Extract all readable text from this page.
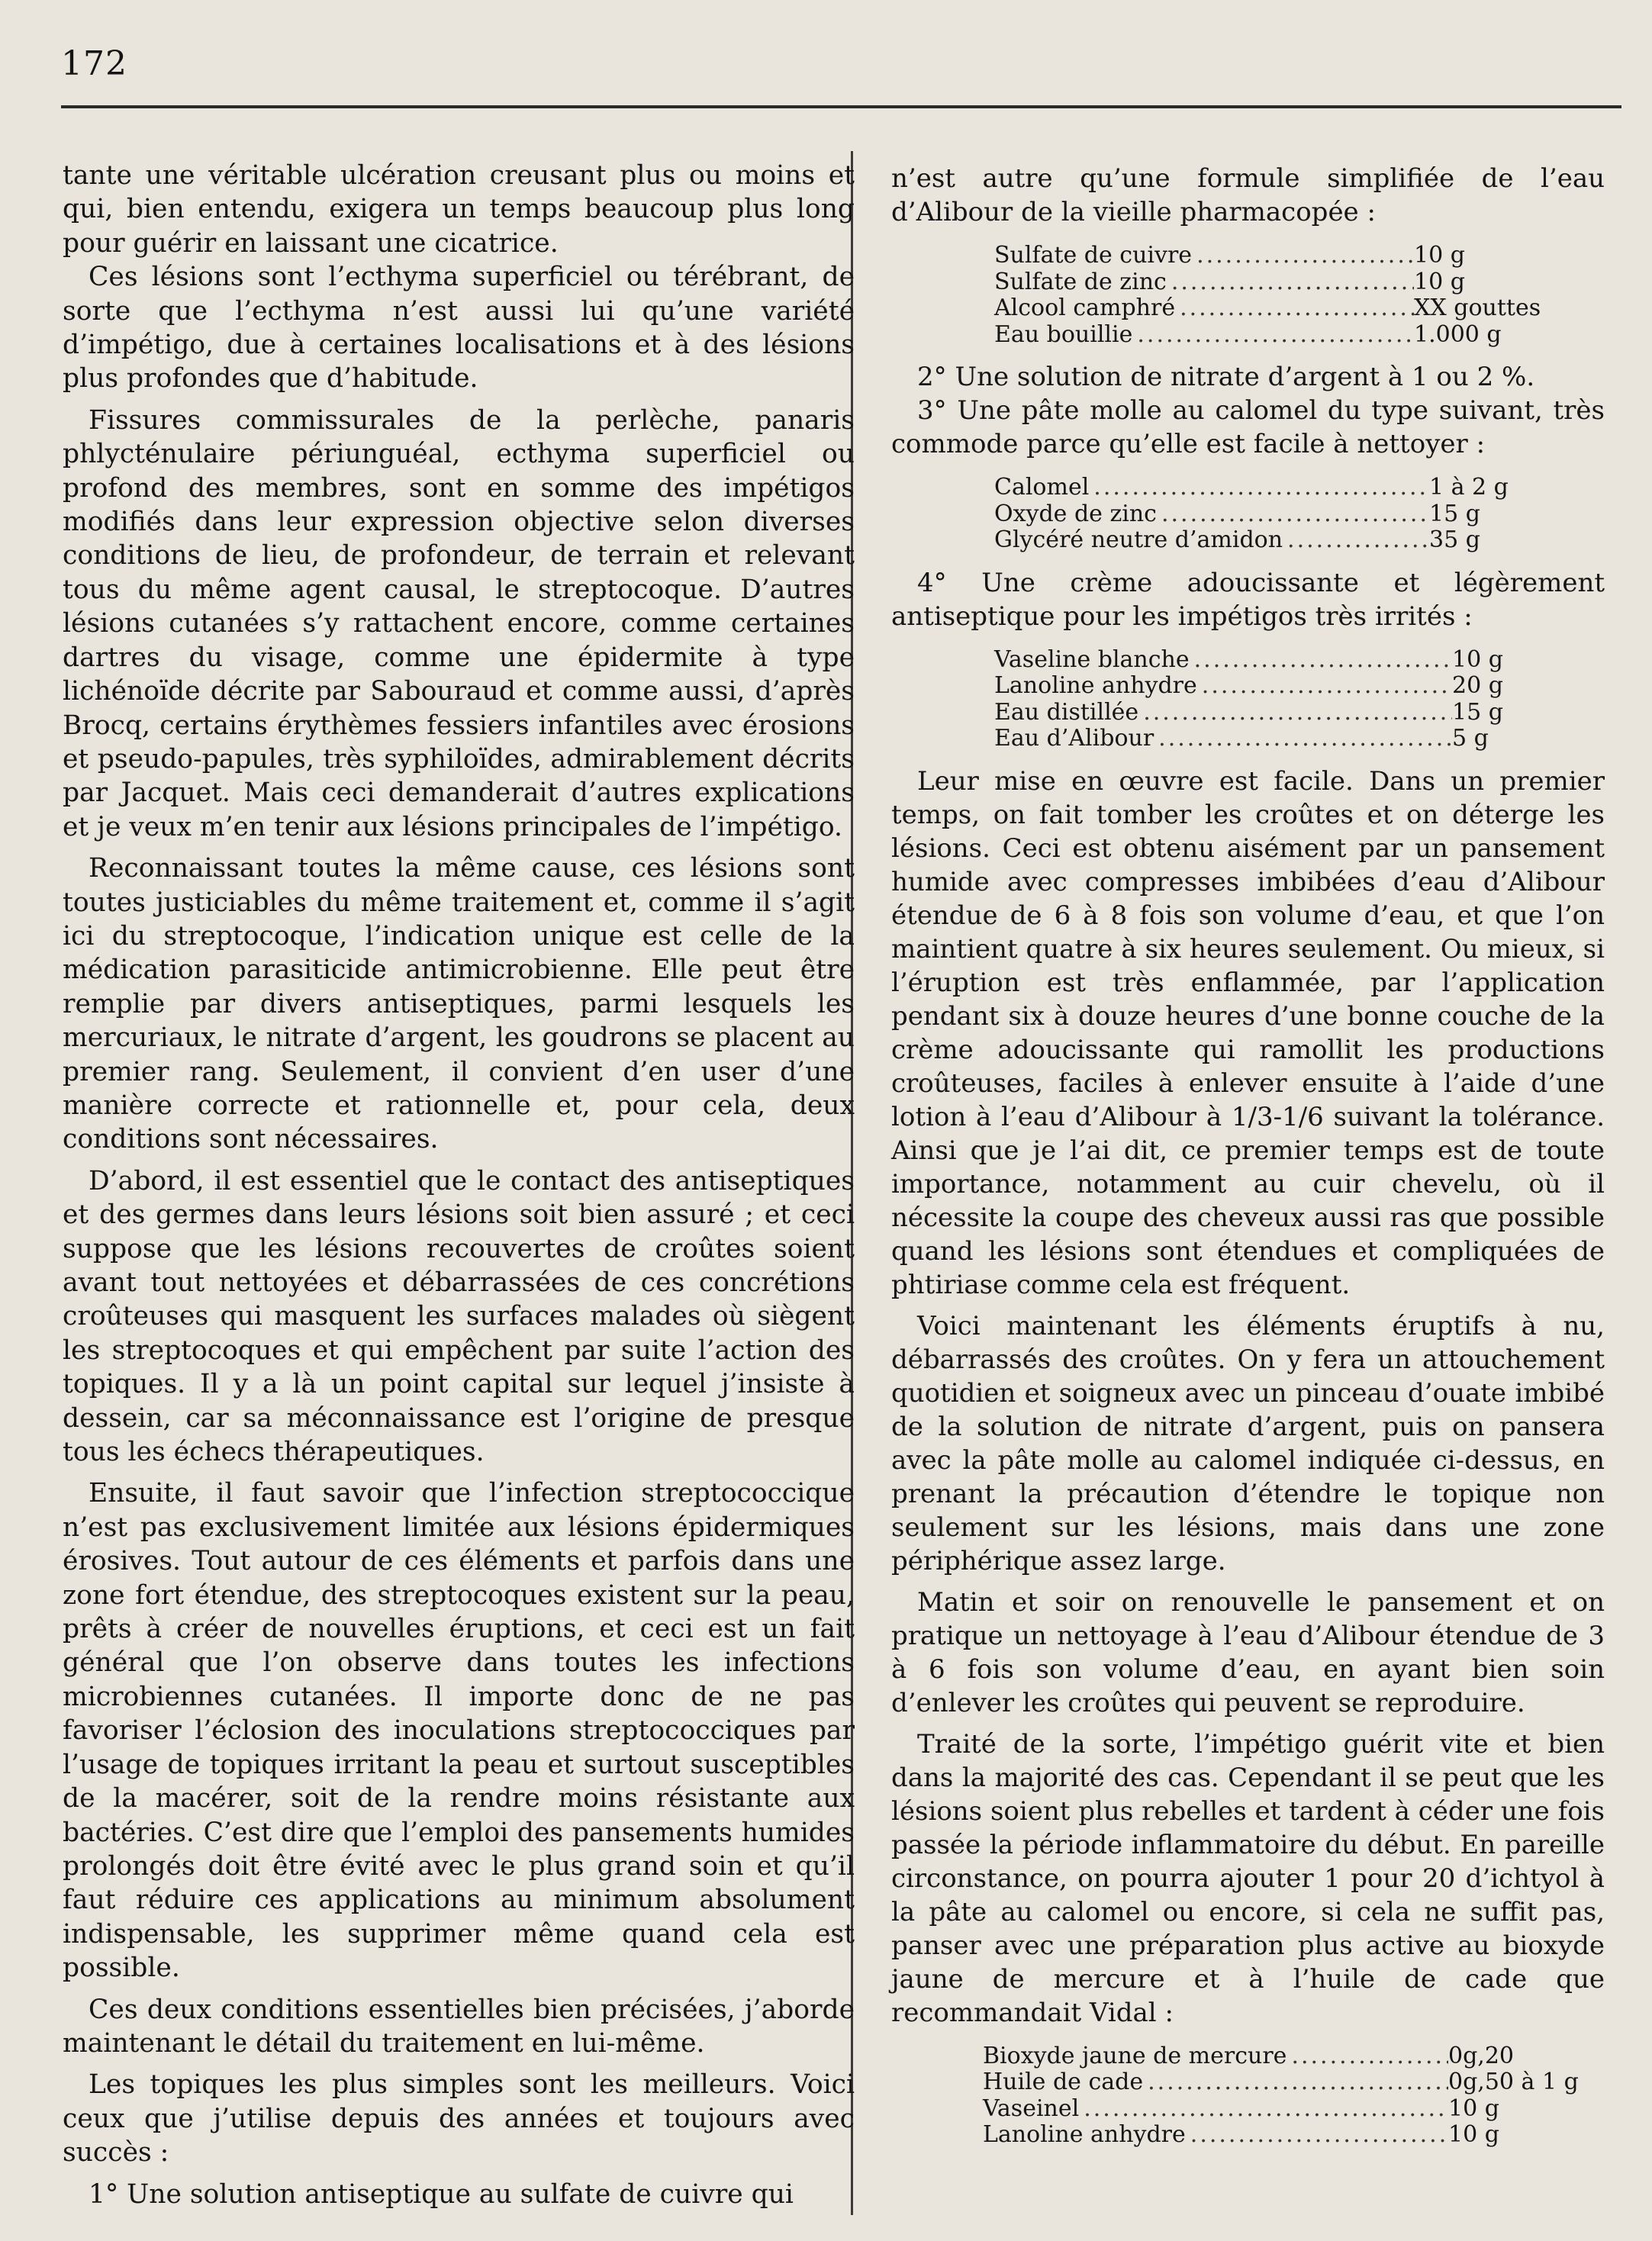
172

tante une véritable ulcération creusant plus ou moins et qui, bien entendu, exigera un temps beaucoup plus long pour guérir en laissant une cicatrice.

Ces lésions sont l’ecthyma superficiel ou térébrant, de sorte que l’ecthyma n’est aussi lui qu’une variété d’impétigo, due à certaines localisations et à des lésions plus profondes que d’habitude.

Fissures commissurales de la perlèche, panaris phlycténulaire périunguéal, ecthyma superficiel ou profond des membres, sont en somme des impétigos modifiés dans leur expression objective selon diverses conditions de lieu, de profondeur, de terrain et relevant tous du même agent causal, le streptocoque. D’autres lésions cutanées s’y rattachent encore, comme certaines dartres du visage, comme une épidermite à type lichénoïde décrite par Sabouraud et comme aussi, d’après Brocq, certains érythèmes fessiers infantiles avec érosions et pseudo-papules, très syphiloïdes, admirablement décrits par Jacquet. Mais ceci demanderait d’autres explications et je veux m’en tenir aux lésions principales de l’impétigo.

Reconnaissant toutes la même cause, ces lésions sont toutes justiciables du même traitement et, comme il s’agit ici du streptocoque, l’indication unique est celle de la médication parasiticide antimicrobienne. Elle peut être remplie par divers antiseptiques, parmi lesquels les mercuriaux, le nitrate d’argent, les goudrons se placent au premier rang. Seulement, il convient d’en user d’une manière correcte et rationnelle et, pour cela, deux conditions sont nécessaires.

D’abord, il est essentiel que le contact des antiseptiques et des germes dans leurs lésions soit bien assuré ; et ceci suppose que les lésions recouvertes de croûtes soient avant tout nettoyées et débarrassées de ces concrétions croûteuses qui masquent les surfaces malades où siègent les streptocoques et qui empêchent par suite l’action des topiques. Il y a là un point capital sur lequel j’insiste à dessein, car sa méconnaissance est l’origine de presque tous les échecs thérapeutiques.

Ensuite, il faut savoir que l’infection streptococcique n’est pas exclusivement limitée aux lésions épidermiques érosives. Tout autour de ces éléments et parfois dans une zone fort étendue, des streptocoques existent sur la peau, prêts à créer de nouvelles éruptions, et ceci est un fait général que l’on observe dans toutes les infections microbiennes cutanées. Il importe donc de ne pas favoriser l’éclosion des inoculations streptococciques par l’usage de topiques irritant la peau et surtout susceptibles de la macérer, soit de la rendre moins résistante aux bactéries. C’est dire que l’emploi des pansements humides prolongés doit être évité avec le plus grand soin et qu’il faut réduire ces applications au minimum absolument indispensable, les supprimer même quand cela est possible.

Ces deux conditions essentielles bien précisées, j’aborde maintenant le détail du traitement en lui-même.

Les topiques les plus simples sont les meilleurs. Voici ceux que j’utilise depuis des années et toujours avec succès :

1° Une solution antiseptique au sulfate de cuivre qui

n’est autre qu’une formule simplifiée de l’eau d’Alibour de la vieille pharmacopée :

Sulfate de cuivre .....	10 g
Sulfate de zinc .....	10 g
Alcool camphré .....	XX gouttes
Eau bouillie .....	1.000 g

2° Une solution de nitrate d’argent à 1 ou 2 %.

3° Une pâte molle au calomel du type suivant, très commode parce qu’elle est facile à nettoyer :

Calomel .....	1 à 2 g
Oxyde de zinc .....	15 g
Glycéré neutre d’amidon .....	35 g

4° Une crème adoucissante et légèrement antiseptique pour les impétigos très irrités :

Vaseline blanche .....	10 g
Lanoline anhydre .....	20 g
Eau distillée .....	15 g
Eau d’Alibour .....	5 g

Leur mise en œuvre est facile. Dans un premier temps, on fait tomber les croûtes et on déterge les lésions. Ceci est obtenu aisément par un pansement humide avec compresses imbibées d’eau d’Alibour étendue de 6 à 8 fois son volume d’eau, et que l’on maintient quatre à six heures seulement. Ou mieux, si l’éruption est très enflammée, par l’application pendant six à douze heures d’une bonne couche de la crème adoucissante qui ramollit les productions croûteuses, faciles à enlever ensuite à l’aide d’une lotion à l’eau d’Alibour à 1/3-1/6 suivant la tolérance. Ainsi que je l’ai dit, ce premier temps est de toute importance, notamment au cuir chevelu, où il nécessite la coupe des cheveux aussi ras que possible quand les lésions sont étendues et compliquées de phtiriase comme cela est fréquent.

Voici maintenant les éléments éruptifs à nu, débarrassés des croûtes. On y fera un attouchement quotidien et soigneux avec un pinceau d’ouate imbibé de la solution de nitrate d’argent, puis on pansera avec la pâte molle au calomel indiquée ci-dessus, en prenant la précaution d’étendre le topique non seulement sur les lésions, mais dans une zone périphérique assez large.

Matin et soir on renouvelle le pansement et on pratique un nettoyage à l’eau d’Alibour étendue de 3 à 6 fois son volume d’eau, en ayant bien soin d’enlever les croûtes qui peuvent se reproduire.

Traité de la sorte, l’impétigo guérit vite et bien dans la majorité des cas. Cependant il se peut que les lésions soient plus rebelles et tardent à céder une fois passée la période inflammatoire du début. En pareille circonstance, on pourra ajouter 1 pour 20 d’ichtyol à la pâte au calomel ou encore, si cela ne suffit pas, panser avec une préparation plus active au bioxyde jaune de mercure et à l’huile de cade que recommandait Vidal :

Bioxyde jaune de mercure .....	0g,20
Huile de cade .....	0g,50 à 1 g
Vaseinel .....	10 g
Lanoline anhydre .....	10 g
